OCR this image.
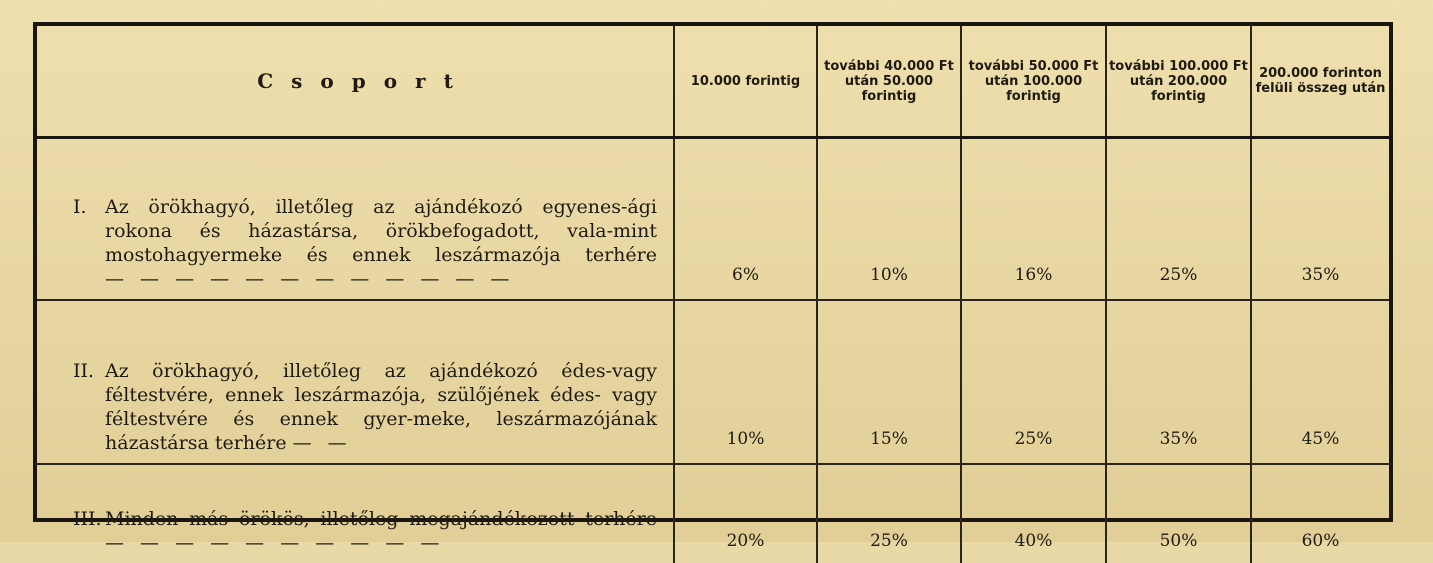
Csoport	10.000 forintig	további 40.000 Ft után 50.000 forintig	további 50.000 Ft után 100.000 forintig	további 100.000 Ft után 200.000 forintig	200.000 forinton felüli összeg után

I. Az örökhagyó, illetőleg az ajándékozó egyenes-ági rokona és házastársa, örökbefogadott, vala-mint mostohagyermeke és ennek leszármazója terhére — — — — — — — — — — — —	6%	10%	16%	25%	35%

II. Az örökhagyó, illetőleg az ajándékozó édes-vagy féltestvére, ennek leszármazója, szülőjének édes- vagy féltestvére és ennek gyer-meke, leszármazójának házastársa terhére — —	10%	15%	25%	35%	45%

III. Minden más örökös, illetőleg megajándékozott terhére — — — — — — — — — —	20%	25%	40%	50%	60%
